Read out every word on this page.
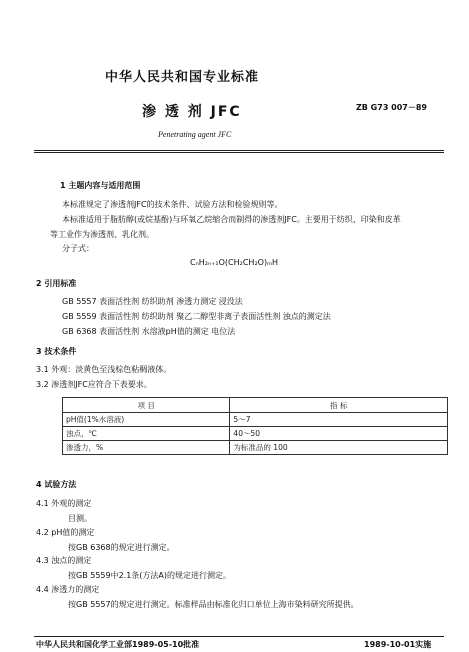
中华人民共和国专业标准
渗 透 剂 JFC	ZB G73 007－89
Penetrating agent JFC
1 主题内容与适用范围
本标准规定了渗透剂JFC的技术条件、试验方法和检验规则等。
本标准适用于脂肪醇(或烷基酚)与环氧乙烷缩合而制得的渗透剂JFC。主要用于纺织、印染和皮革
等工业作为渗透剂、乳化剂。
分子式：
CₙH₂ₙ₊₁O(CH₂CH₂O)ₘH
2 引用标准
GB 5557 表面活性剂 纺织助剂 渗透力测定 浸没法
GB 5559 表面活性剂 纺织助剂 聚乙二醇型非离子表面活性剂 浊点的测定法
GB 6368 表面活性剂 水溶液pH值的测定 电位法
3 技术条件
3.1 外观：淡黄色至浅棕色粘稠液体。
3.2 渗透剂JFC应符合下表要求。
项 目	指 标
pH值(1%水溶液)	5～7
浊点，℃	40～50
渗透力，%	为标准品的 100
4 试验方法
4.1 外观的测定
目测。
4.2 pH值的测定
按GB 6368的规定进行测定。
4.3 浊点的测定
按GB 5559中2.1条(方法A)的规定进行测定。
4.4 渗透力的测定
按GB 5557的规定进行测定。标准样品由标准化归口单位上海市染料研究所提供。
中华人民共和国化学工业部1989-05-10批准	1989-10-01实施
